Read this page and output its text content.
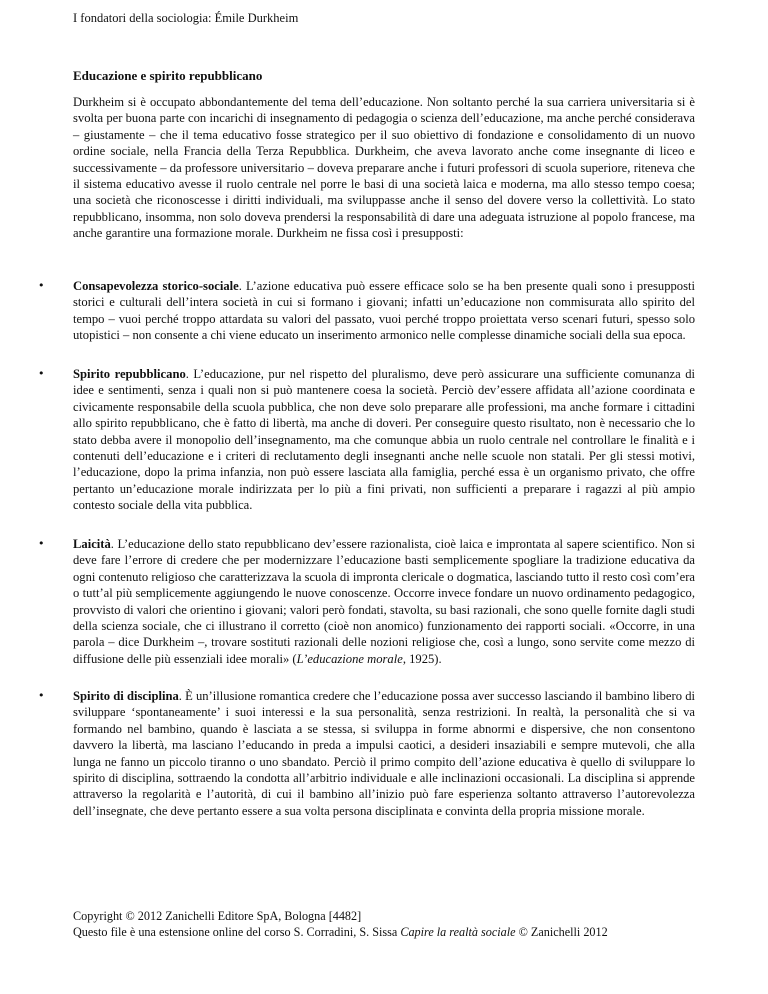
I fondatori della sociologia: Émile Durkheim
Educazione e spirito repubblicano

Durkheim si è occupato abbondantemente del tema dell’educazione. Non soltanto perché la sua carriera universitaria si è svolta per buona parte con incarichi di insegnamento di pedagogia o scienza dell’educazione, ma anche perché considerava – giustamente – che il tema educativo fosse strategico per il suo obiettivo di fondazione e consolidamento di un nuovo ordine sociale, nella Francia della Terza Repubblica. Durkheim, che aveva lavorato anche come insegnante di liceo e successivamente – da professore universitario – doveva preparare anche i futuri professori di scuola superiore, riteneva che il sistema educativo avesse il ruolo centrale nel porre le basi di una società laica e moderna, ma allo stesso tempo coesa; una società che riconoscesse i diritti individuali, ma sviluppasse anche il senso del dovere verso la collettività. Lo stato repubblicano, insomma, non solo doveva prendersi la responsabilità di dare una adeguata istruzione al popolo francese, ma anche garantire una formazione morale. Durkheim ne fissa così i presupposti:

•	Consapevolezza storico-sociale. L’azione educativa può essere efficace solo se ha ben presente quali sono i presupposti storici e culturali dell’intera società in cui si formano i giovani; infatti un’educazione non commisurata allo spirito del tempo – vuoi perché troppo attardata su valori del passato, vuoi perché troppo proiettata verso scenari futuri, spesso solo utopistici – non consente a chi viene educato un inserimento armonico nelle complesse dinamiche sociali della sua epoca.
•	Spirito repubblicano. L’educazione, pur nel rispetto del pluralismo, deve però assicurare una sufficiente comunanza di idee e sentimenti, senza i quali non si può mantenere coesa la società. Perciò dev’essere affidata all’azione coordinata e civicamente responsabile della scuola pubblica, che non deve solo preparare alle professioni, ma anche formare i cittadini allo spirito repubblicano, che è fatto di libertà, ma anche di doveri. Per conseguire questo risultato, non è necessario che lo stato debba avere il monopolio dell’insegnamento, ma che comunque abbia un ruolo centrale nel controllare le finalità e i contenuti dell’educazione e i criteri di reclutamento degli insegnanti anche nelle scuole non statali. Per gli stessi motivi, l’educazione, dopo la prima infanzia, non può essere lasciata alla famiglia, perché essa è un organismo privato, che offre pertanto un’educazione morale indirizzata per lo più a fini privati, non sufficienti a preparare i ragazzi al più ampio contesto sociale della vita pubblica.
•	Laicità. L’educazione dello stato repubblicano dev’essere razionalista, cioè laica e improntata al sapere scientifico. Non si deve fare l’errore di credere che per modernizzare l’educazione basti semplicemente spogliare la tradizione educativa da ogni contenuto religioso che caratterizzava la scuola di impronta clericale o dogmatica, lasciando tutto il resto così com’era o tutt’al più semplicemente aggiungendo le nuove conoscenze. Occorre invece fondare un nuovo ordinamento pedagogico, provvisto di valori che orientino i giovani; valori però fondati, stavolta, su basi razionali, che sono quelle fornite dagli studi della scienza sociale, che ci illustrano il corretto (cioè non anomico) funzionamento dei rapporti sociali. «Occorre, in una parola – dice Durkheim –, trovare sostituti razionali delle nozioni religiose che, così a lungo, sono servite come mezzo di diffusione delle più essenziali idee morali» (L’educazione morale, 1925).
•	Spirito di disciplina. È un’illusione romantica credere che l’educazione possa aver successo lasciando il bambino libero di sviluppare ‘spontaneamente’ i suoi interessi e la sua personalità, senza restrizioni. In realtà, la personalità che si va formando nel bambino, quando è lasciata a se stessa, si sviluppa in forme abnormi e dispersive, che non consentono davvero la libertà, ma lasciano l’educando in preda a impulsi caotici, a desideri insaziabili e sempre mutevoli, che alla lunga ne fanno un piccolo tiranno o uno sbandato. Perciò il primo compito dell’azione educativa è quello di sviluppare lo spirito di disciplina, sottraendo la condotta all’arbitrio individuale e alle inclinazioni occasionali. La disciplina si apprende attraverso la regolarità e l’autorità, di cui il bambino all’inizio può fare esperienza soltanto attraverso l’autorevolezza dell’insegnate, che deve pertanto essere a sua volta persona disciplinata e convinta della propria missione morale.
Copyright © 2012 Zanichelli Editore SpA, Bologna [4482]
Questo file è una estensione online del corso S. Corradini, S. Sissa Capire la realtà sociale © Zanichelli 2012
